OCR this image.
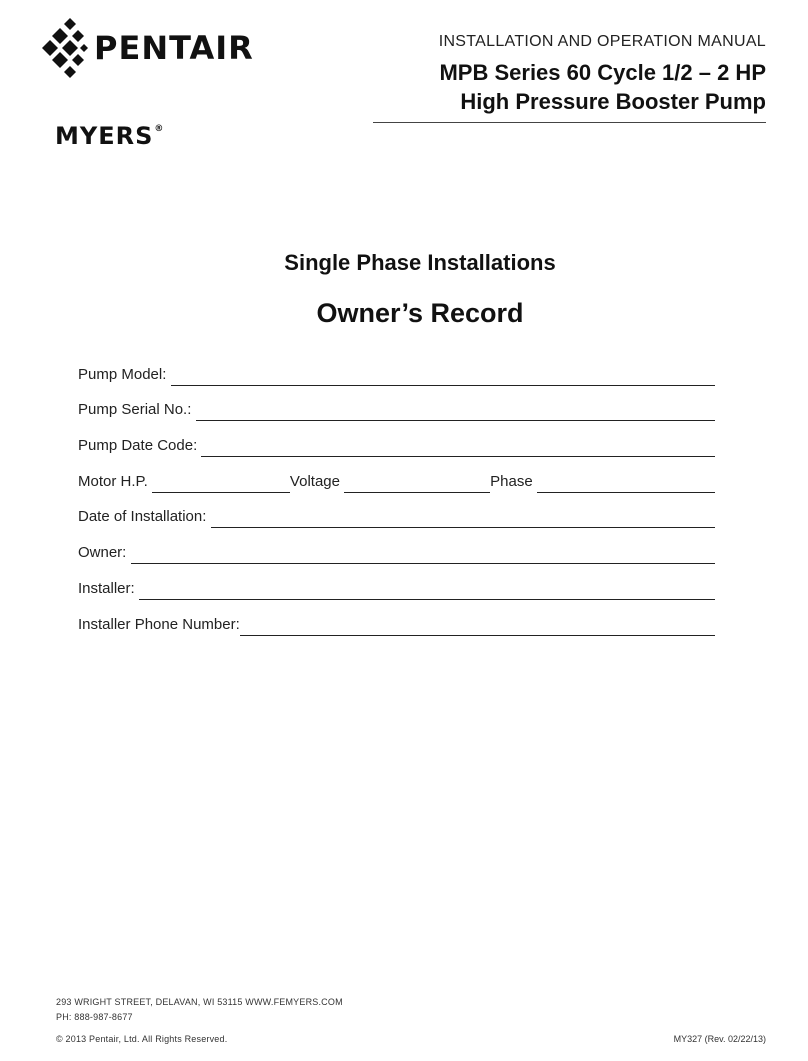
PENTAIR
MYERS®
INSTALLATION AND OPERATION MANUAL
MPB Series 60 Cycle 1/2 – 2 HP
High Pressure Booster Pump
Single Phase Installations
Owner’s Record
Pump Model:

Pump Serial No.:

Pump Date Code:

Motor H.P.
	Voltage
	Phase

Date of Installation:

Owner:

Installer:

Installer Phone Number:
293 WRIGHT STREET, DELAVAN, WI 53115 WWW.FEMYERS.COM
PH: 888-987-8677
© 2013 Pentair, Ltd. All Rights Reserved.	MY327 (Rev. 02/22/13)
